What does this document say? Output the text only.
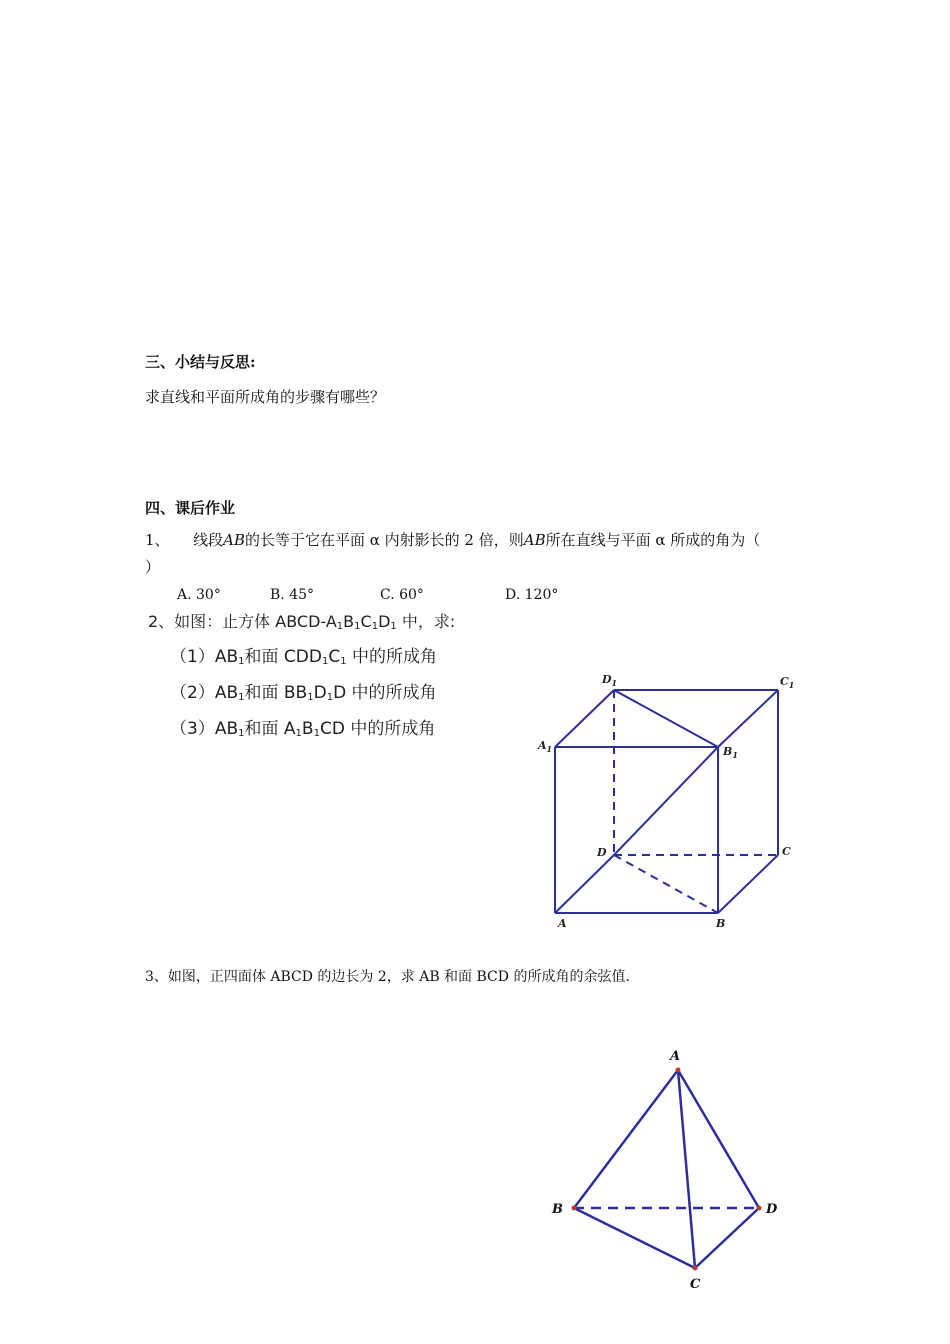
三、小结与反思:
求直线和平面所成角的步骤有哪些？
四、课后作业
1、 线段AB的长等于它在平面 α 内射影长的 2 倍，则AB所在直线与平面 α 所成的角为（
）
A. 30°	B. 45°	C. 60°	D. 120°
2、如图：止方体 ABCD-$A_1B_1C_1D_1$ 中，求:
$(1)AB_1$和面 $CDD_1C_1$ 中的所成角
$(2)AB_1$和面 $BB_1D_1D$ 中的所成角
$(3)AB_1$和面 $A_1B_1CD$ 中的所成角
$D_1$	$C_1$
$A_1$	$B_1$
D	C
A	B
3、如图，正四面体 ABCD 的边长为 2，求 AB 和面 BCD 的所成角的余弦值.
A
B
C
D
